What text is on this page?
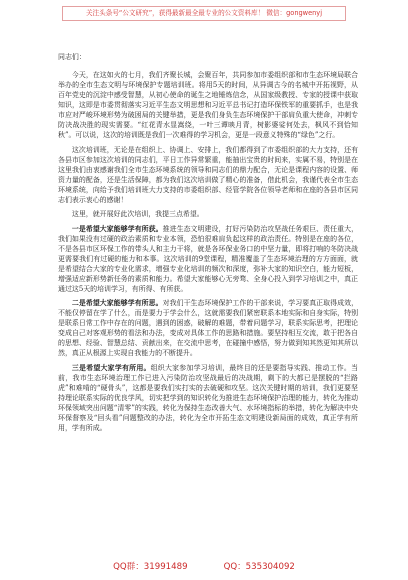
关注头条号“公文研究”，获得最新最全最专业的公文资料库！ 微信：gongwenyj

同志们：

今天，在这如火的七月，我们齐聚长城，会聚百年，共同参加市委组织部和市生态环境局联合举办的全市生态文明与环境保护专题培训班。将用5天的时间，从异调古今的名城中开拓视野，从百年党史的沉淀中感受智慧，从初心使命的诞生之地锤炼信念，从国家级教授、专家的授课中获取知识，这即是市委贯彻落实习近平生态文明思想和习近平总书记打造环保铁军的重要抓手，也是我市应对严峻环境形势为破困局的关键举措，更是我们身负生态环境保护干部肩负重大使命，冲刺专防决战决胜的现实需要。“红花青水显嵩绕，一叶三谭映月青，树影婆娑何处去，枫风不到恰知秋”。可以说，这次的培训既是我们一次难得的学习机会，更是一段意义特殊的“绿色”之行。

这次培训班，无论是在组织上、协调上、安排上，我们都得到了市委组织部的大力支持，还有各县市区参加这次培训的同志们，平日工作异常繁重，能抽出宝贵的时间来，实属不易，特别是在这里我们由衷感谢我们全市生态环境系统的领导和同志们的鼎力配合，无论是课程内容的设置、师资力量的配备，还是生活保障，都为我们这次培训做了精心的准备，借此机会，我谨代表全市生态环境系统，向给予我们培训班大力支持的市委组织部、经管学院各位领导老师和在座的各县市区同志们表示衷心的感谢！

这里，就开展好此次培训，我提三点希望。

一是希望大家能够学有所获。推进生态文明建设，打好污染防治攻坚战任务艰巨、责任重大，我们如果没有过硬的政治素质和专业本领，恐怕很难肩负起这样的政治责任。特别是在座的各位，不是各县市区环保工作的带头人和主力干将，就是各环保业务口的中坚力量，即将打响的冬防决战更需要我们有过硬的能力和本事。这次培训的9堂课程，精准覆盖了生态环境治理的方方面面，就是希望结合大家的专业化需求，增强专业化培训的频次和深度，弥补大家的知识空白，能力短板，增强适应新形势新任务的素质和能力。希望大家能够心无旁骛、全身心投入到学习培训之中，真正通过这5天的培训学习，有所得、有所获。

二是希望大家能够学有所思。对我们干生态环境保护工作的干部来说，学习要真正取得成效，不能仅停留在学了什么，而是要力于学会什么，这就需要我们紧密联系本地实际和自身实际，特别是联系日常工作中存在的问题，遇到的困惑，破解的难题，带着问题学习，联系实际思考，把理论变成自己对客观形势的看法和办法，变成对具体工作的思路和措施。要坚持相互交流，敢于把各自的思想、经验、智慧总结、贡献出来，在交流中思考，在碰撞中感悟，努力做到知其然更知其所以然，真正从根源上实现自我能力的不断提升。

三是希望大家学有所用。组织大家参加学习培训，最终目的还是要指导实践、推动工作。当前，我市生态环境治理工作已进入污染防治攻坚战最后的决战期，剩下的大都已是摆脱的“拦路虎”和难啃的“硬骨头”，这都是要我们实打实的去破硬和攻坚。这次关键时期的培训，我们更要坚持理论联系实际的优良学风，切实把学到的知识转化为推进生态环境保护治理的能力，转化为推动环保领域突出问题“清零”的实践，转化为保持生态改善大气、水环境指标的举措，转化为解决中央环保督察及“回头看”问题整改的办法，转化为全市开拓生态文明建设新局面的成效，真正学有所用，学有所成。

QQ群：31991489	QQ：535304092
